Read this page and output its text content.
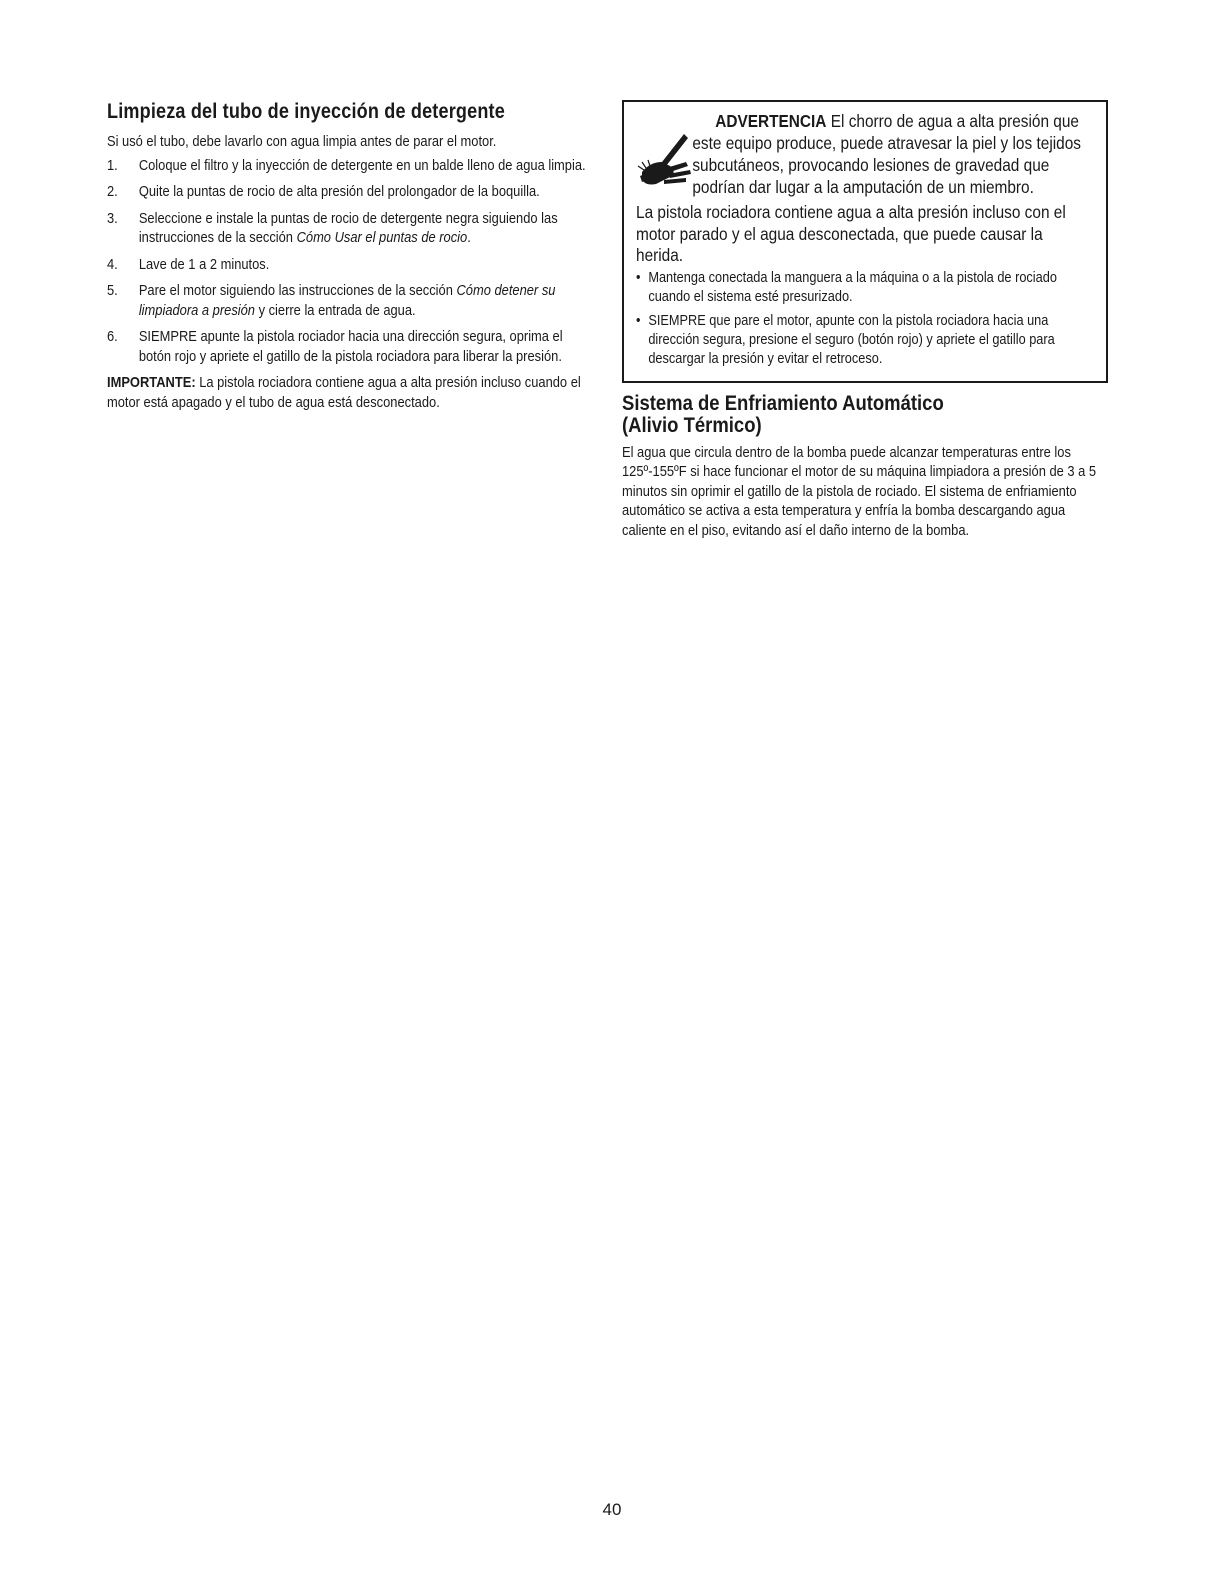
Limpieza del tubo de inyección de detergente

Si usó el tubo, debe lavarlo con agua limpia antes de parar el motor.

1.	Coloque el filtro y la inyección de detergente en un balde lleno de agua limpia.
2.	Quite la puntas de rocio de alta presión del prolongador de la boquilla.
3.	Seleccione e instale la puntas de rocio de detergente negra siguiendo las instrucciones de la sección Cómo Usar el puntas de rocio.
4.	Lave de 1 a 2 minutos.
5.	Pare el motor siguiendo las instrucciones de la sección Cómo detener su limpiadora a presión y cierre la entrada de agua.
6.	SIEMPRE apunte la pistola rociador hacia una dirección segura, oprima el botón rojo y apriete el gatillo de la pistola rociadora para liberar la presión.

IMPORTANTE: La pistola rociadora contiene agua a alta presión incluso cuando el motor está apagado y el tubo de agua está desconectado.

ADVERTENCIA El chorro de agua a alta presión que este equipo produce, puede atravesar la piel y los tejidos subcutáneos, provocando lesiones de gravedad que podrían dar lugar a la amputación de un miembro.
La pistola rociadora contiene agua a alta presión incluso con el motor parado y el agua desconectada, que puede causar la herida.
• Mantenga conectada la manguera a la máquina o a la pistola de rociado cuando el sistema esté presurizado.
• SIEMPRE que pare el motor, apunte con la pistola rociadora hacia una dirección segura, presione el seguro (botón rojo) y apriete el gatillo para descargar la presión y evitar el retroceso.
Sistema de Enfriamiento Automático
(Alivio Térmico)

El agua que circula dentro de la bomba puede alcanzar temperaturas entre los 125º-155ºF si hace funcionar el motor de su máquina limpiadora a presión de 3 a 5 minutos sin oprimir el gatillo de la pistola de rociado. El sistema de enfriamiento automático se activa a esta temperatura y enfría la bomba descargando agua caliente en el piso, evitando así el daño interno de la bomba.

40
